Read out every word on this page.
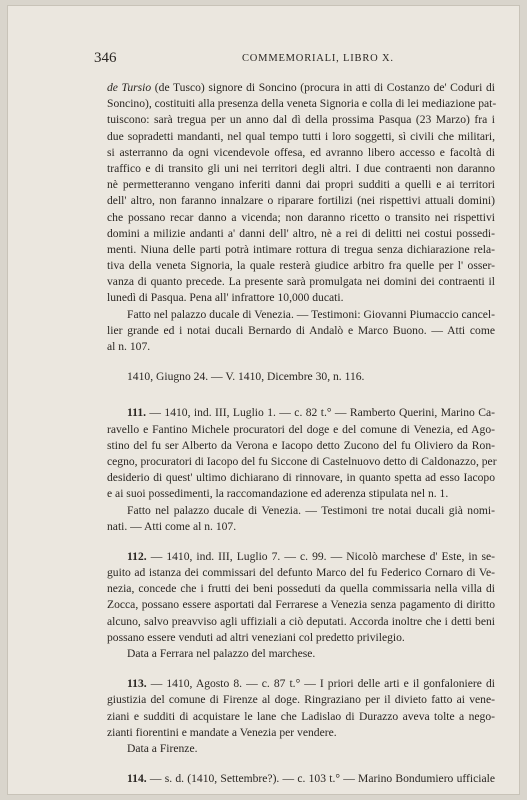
346	COMMEMORIALI, LIBRO X.
de Tursio (de Tusco) signore di Soncino (procura in atti di Costanzo de' Coduri di
Soncino), costituiti alla presenza della veneta Signoria e colla di lei mediazione pat-
tuiscono: sarà tregua per un anno dal dì della prossima Pasqua (23 Marzo) fra i
due sopradetti mandanti, nel qual tempo tutti i loro soggetti, sì civili che militari,
si asterranno da ogni vicendevole offesa, ed avranno libero accesso e facoltà di
traffico e di transito gli uni nei territori degli altri. I due contraenti non daranno
nè permetteranno vengano inferiti danni dai propri sudditi a quelli e ai territori
dell' altro, non faranno innalzare o riparare fortilizi (nei rispettivi attuali domini)
che possano recar danno a vicenda; non daranno ricetto o transito nei rispettivi
domini a milizie andanti a' danni dell' altro, nè a rei di delitti nei costui possedi-
menti. Niuna delle parti potrà intimare rottura di tregua senza dichiarazione rela-
tiva della veneta Signoria, la quale resterà giudice arbitro fra quelle per l' osser-
vanza di quanto precede. La presente sarà promulgata nei domini dei contraenti il
lunedì di Pasqua. Pena all' infrattore 10,000 ducati.
Fatto nel palazzo ducale di Venezia. — Testimoni: Giovanni Piumaccio cancel-
lier grande ed i notai ducali Bernardo di Andalò e Marco Buono. — Atti come
al n. 107.
1410, Giugno 24. — V. 1410, Dicembre 30, n. 116.
111. — 1410, ind. III, Luglio 1. — c. 82 t.° — Ramberto Querini, Marino Ca-
ravello e Fantino Michele procuratori del doge e del comune di Venezia, ed Ago-
stino del fu ser Alberto da Verona e Iacopo detto Zucono del fu Oliviero da Ron-
cegno, procuratori di Iacopo del fu Siccone di Castelnuovo detto di Caldonazzo, per
desiderio di quest' ultimo dichiarano di rinnovare, in quanto spetta ad esso Iacopo
e ai suoi possedimenti, la raccomandazione ed aderenza stipulata nel n. 1.
Fatto nel palazzo ducale di Venezia. — Testimoni tre notai ducali già nomi-
nati. — Atti come al n. 107.
112. — 1410, ind. III, Luglio 7. — c. 99. — Nicolò marchese d' Este, in se-
guito ad istanza dei commissari del defunto Marco del fu Federico Cornaro di Ve-
nezia, concede che i frutti dei beni posseduti da quella commissaria nella villa di
Zocca, possano essere asportati dal Ferrarese a Venezia senza pagamento di diritto
alcuno, salvo preavviso agli uffiziali a ciò deputati. Accorda inoltre che i detti beni
possano essere venduti ad altri veneziani col predetto privilegio.
Data a Ferrara nel palazzo del marchese.
113. — 1410, Agosto 8. — c. 87 t.° — I priori delle arti e il gonfaloniere di
giustizia del comune di Firenze al doge. Ringraziano per il divieto fatto ai vene-
ziani e sudditi di acquistare le lane che Ladislao di Durazzo aveva tolte a nego-
zianti fiorentini e mandate a Venezia per vendere.
Data a Firenze.
114. — s. d. (1410, Settembre?). — c. 103 t.° — Marino Bondumiero ufficiale
